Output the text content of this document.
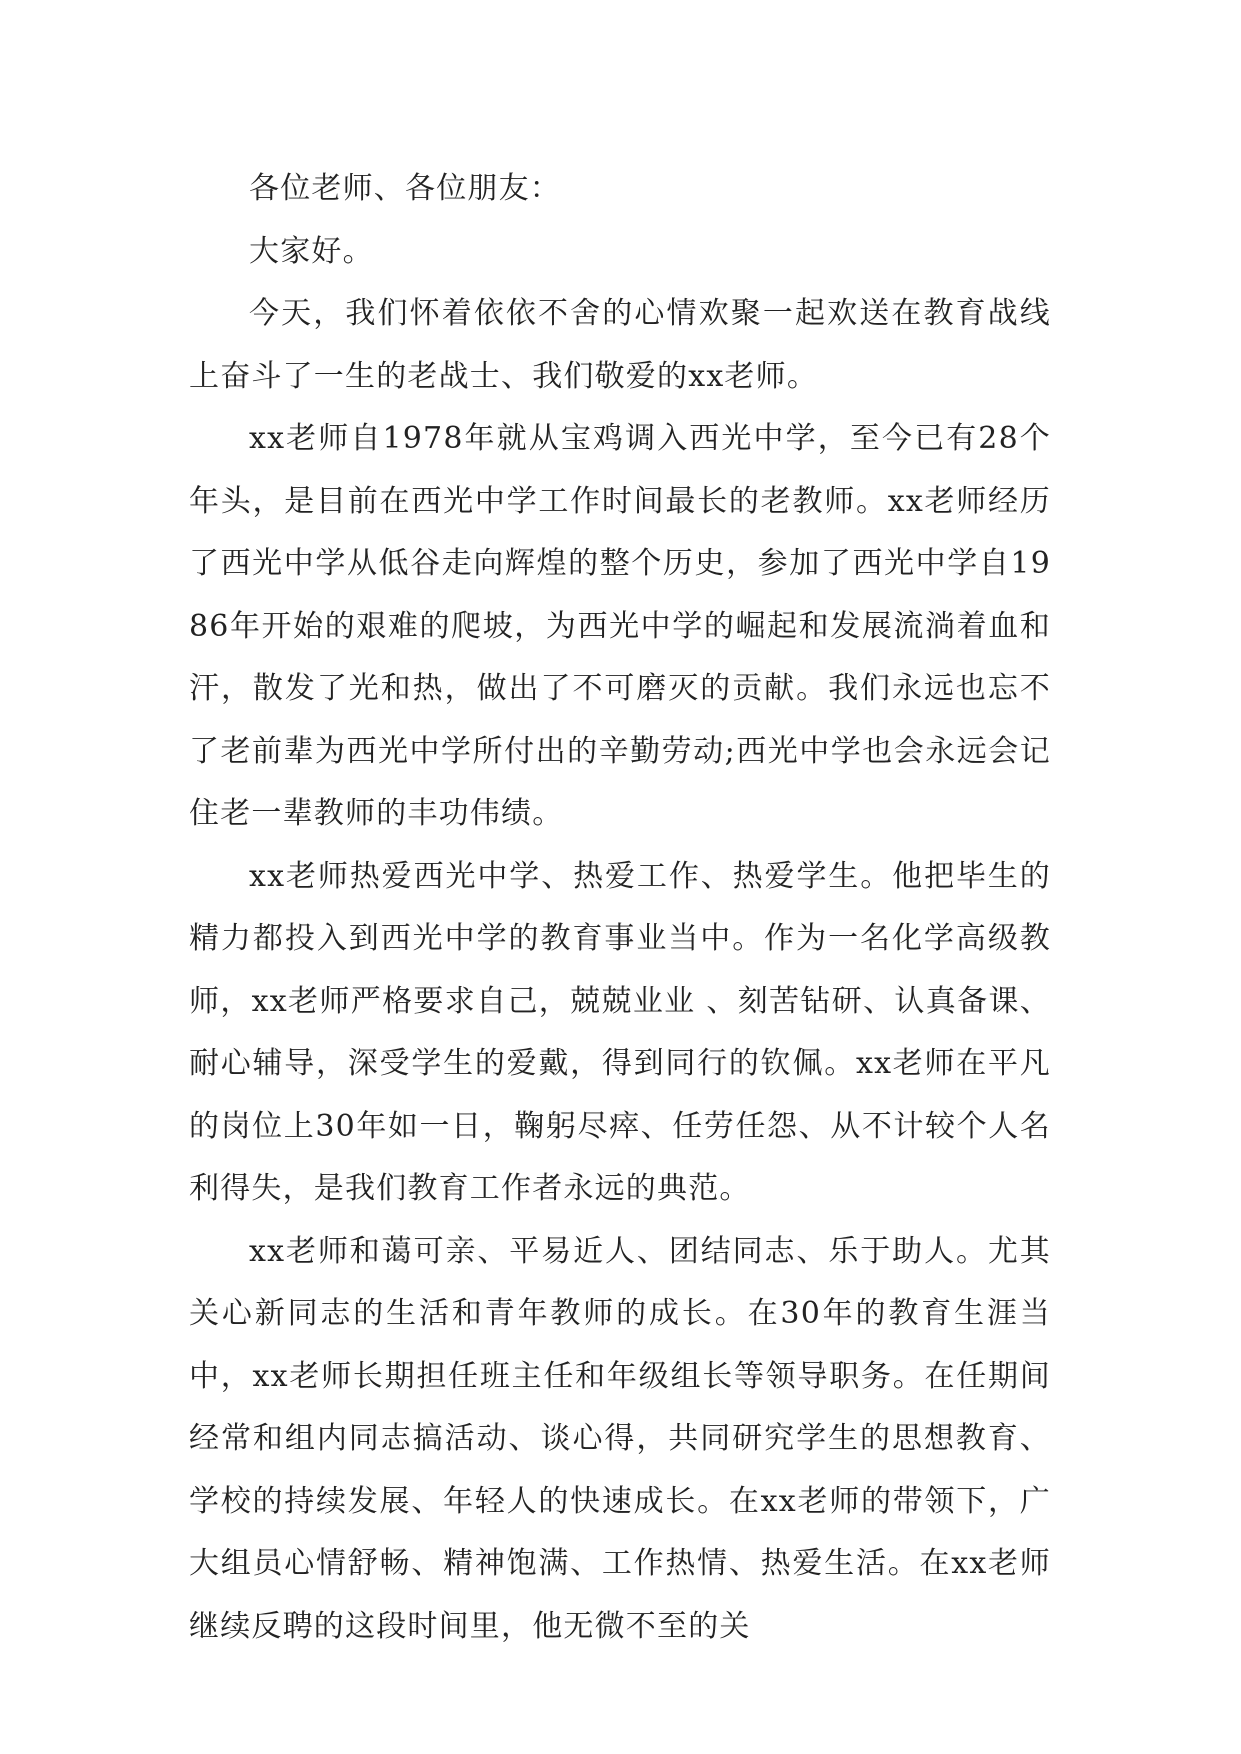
各位老师、各位朋友：

大家好。

今天，我们怀着依依不舍的心情欢聚一起欢送在教育战线上奋斗了一生的老战士、我们敬爱的xx老师。

xx老师自1978年就从宝鸡调入西光中学，至今已有28个年头，是目前在西光中学工作时间最长的老教师。xx老师经历了西光中学从低谷走向辉煌的整个历史，参加了西光中学自1986年开始的艰难的爬坡，为西光中学的崛起和发展流淌着血和汗，散发了光和热，做出了不可磨灭的贡献。我们永远也忘不了老前辈为西光中学所付出的辛勤劳动;西光中学也会永远会记住老一辈教师的丰功伟绩。

xx老师热爱西光中学、热爱工作、热爱学生。他把毕生的精力都投入到西光中学的教育事业当中。作为一名化学高级教师，xx老师严格要求自己，兢兢业业 、刻苦钻研、认真备课、耐心辅导，深受学生的爱戴，得到同行的钦佩。xx老师在平凡的岗位上30年如一日，鞠躬尽瘁、任劳任怨、从不计较个人名利得失，是我们教育工作者永远的典范。

xx老师和蔼可亲、平易近人、团结同志、乐于助人。尤其关心新同志的生活和青年教师的成长。在30年的教育生涯当中，xx老师长期担任班主任和年级组长等领导职务。在任期间经常和组内同志搞活动、谈心得，共同研究学生的思想教育、学校的持续发展、年轻人的快速成长。在xx老师的带领下，广大组员心情舒畅、精神饱满、工作热情、热爱生活。在xx老师继续反聘的这段时间里，他无微不至的关
